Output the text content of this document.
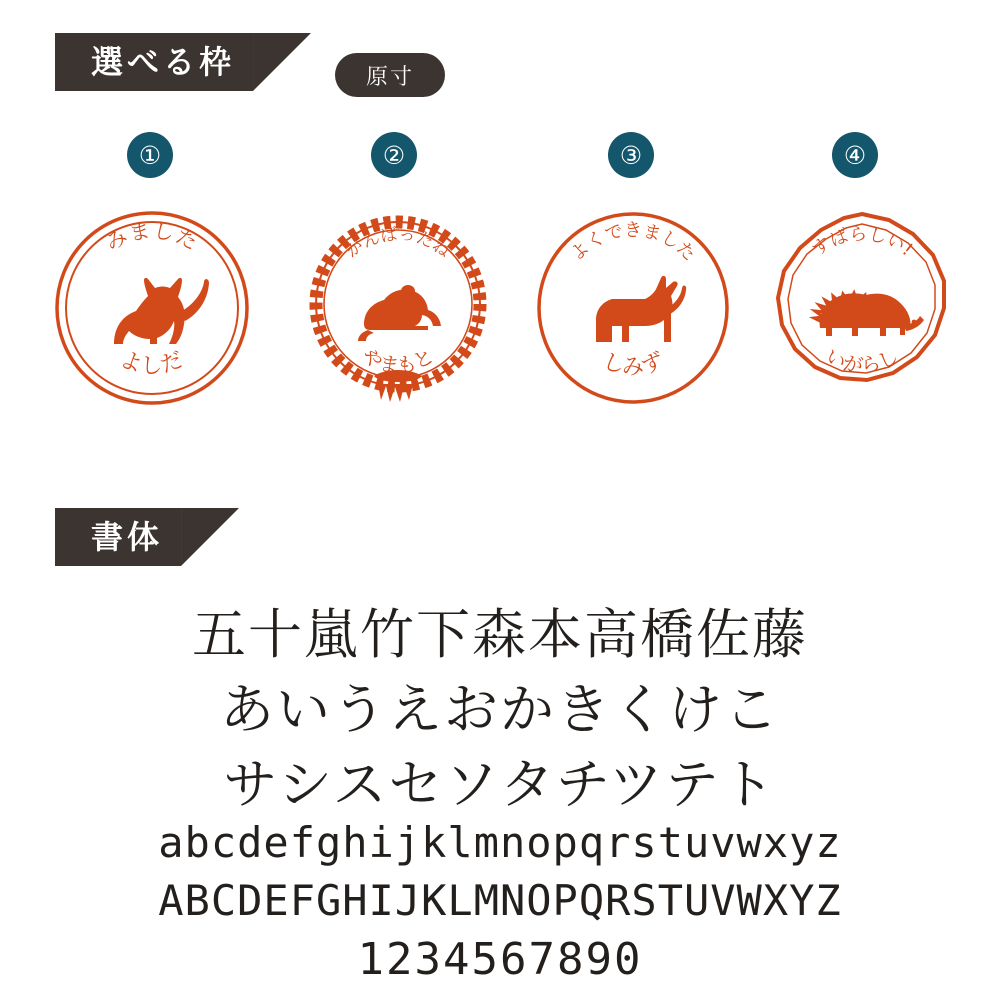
選べる枠	原寸
①	②	③	④
みました
よしだ
がんばったね
やまもと
よくできました
しみず
すばらしい!
いがらし
書体
五十嵐竹下森本高橋佐藤
あいうえおかきくけこ
サシスセソタチツテト
abcdefghijklmnopqrstuvwxyz
ABCDEFGHIJKLMNOPQRSTUVWXYZ
1234567890
